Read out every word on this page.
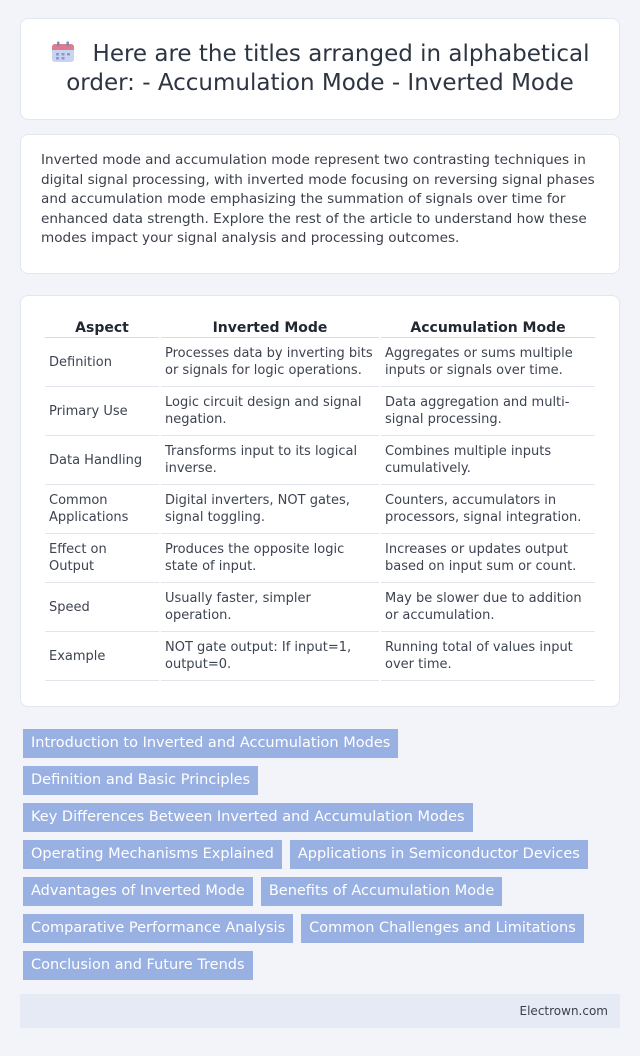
Here are the titles arranged in alphabetical order: - Accumulation Mode - Inverted Mode

Inverted mode and accumulation mode represent two contrasting techniques in digital signal processing, with inverted mode focusing on reversing signal phases and accumulation mode emphasizing the summation of signals over time for enhanced data strength. Explore the rest of the article to understand how these modes impact your signal analysis and processing outcomes.

Aspect	Inverted Mode	Accumulation Mode
Definition	Processes data by inverting bits or signals for logic operations.	Aggregates or sums multiple inputs or signals over time.
Primary Use	Logic circuit design and signal negation.	Data aggregation and multi-signal processing.
Data Handling	Transforms input to its logical inverse.	Combines multiple inputs cumulatively.
Common Applications	Digital inverters, NOT gates, signal toggling.	Counters, accumulators in processors, signal integration.
Effect on Output	Produces the opposite logic state of input.	Increases or updates output based on input sum or count.
Speed	Usually faster, simpler operation.	May be slower due to addition or accumulation.
Example	NOT gate output: If input=1, output=0.	Running total of values input over time.
Introduction to Inverted and Accumulation Modes
Definition and Basic Principles
Key Differences Between Inverted and Accumulation Modes
Operating Mechanisms Explained	Applications in Semiconductor Devices
Advantages of Inverted Mode	Benefits of Accumulation Mode
Comparative Performance Analysis	Common Challenges and Limitations
Conclusion and Future Trends
Electrown.com
